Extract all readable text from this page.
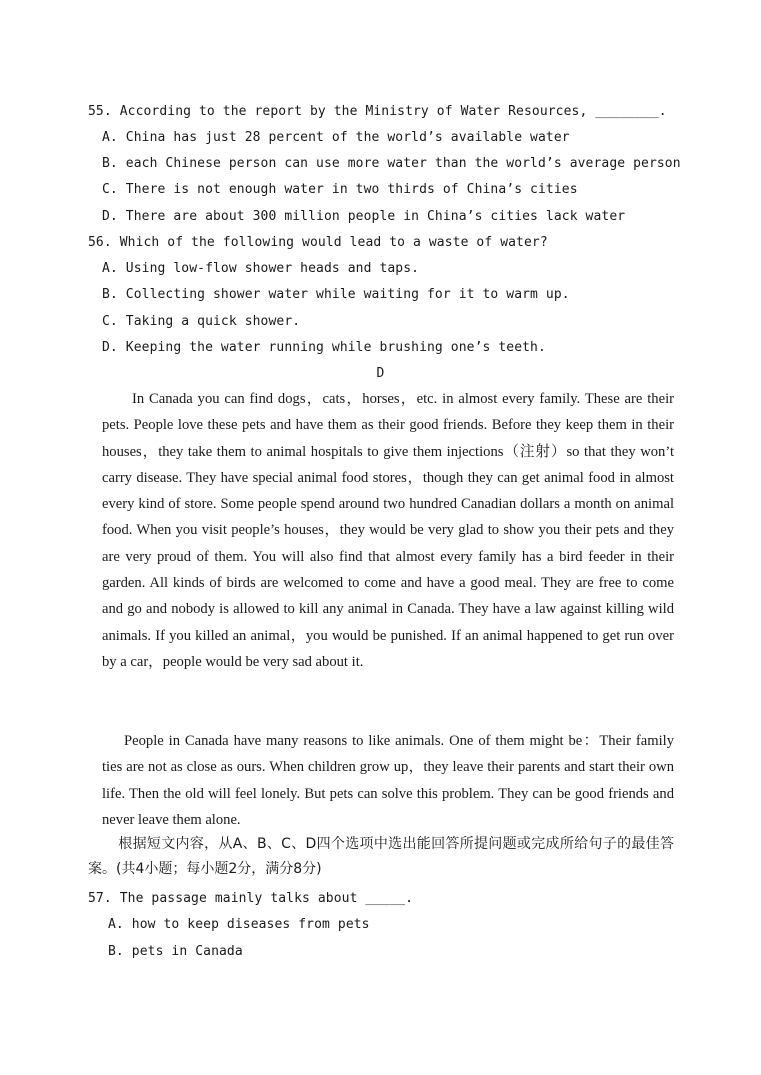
55. According to the report by the Ministry of Water Resources, ________.
A. China has just 28 percent of the world’s available water
B. each Chinese person can use more water than the world’s average person
C. There is not enough water in two thirds of China’s cities
D. There are about 300 million people in China’s cities lack water
56. Which of the following would lead to a waste of water?
A. Using low-flow shower heads and taps.
B. Collecting shower water while waiting for it to warm up.
C. Taking a quick shower.
D. Keeping the water running while brushing one’s teeth.
D
In Canada you can find dogs，cats，horses，etc. in almost every family. These are their pets. People love these pets and have them as their good friends. Before they keep them in their houses，they take them to animal hospitals to give them injections（注射）so that they won’t carry disease. They have special animal food stores，though they can get animal food in almost every kind of store. Some people spend around two hundred Canadian dollars a month on animal food. When you visit people’s houses，they would be very glad to show you their pets and they are very proud of them. You will also find that almost every family has a bird feeder in their garden. All kinds of birds are welcomed to come and have a good meal. They are free to come and go and nobody is allowed to kill any animal in Canada. They have a law against killing wild animals. If you killed an animal，you would be punished. If an animal happened to get run over by a car，people would be very sad about it.
People in Canada have many reasons to like animals. One of them might be：Their family ties are not as close as ours. When children grow up，they leave their parents and start their own life. Then the old will feel lonely. But pets can solve this problem. They can be good friends and never leave them alone.
根据短文内容，从A、B、C、D四个选项中选出能回答所提问题或完成所给句子的最佳答案。(共4小题；每小题2分，满分8分)
57. The passage mainly talks about _____.
A. how to keep diseases from pets
B. pets in Canada
